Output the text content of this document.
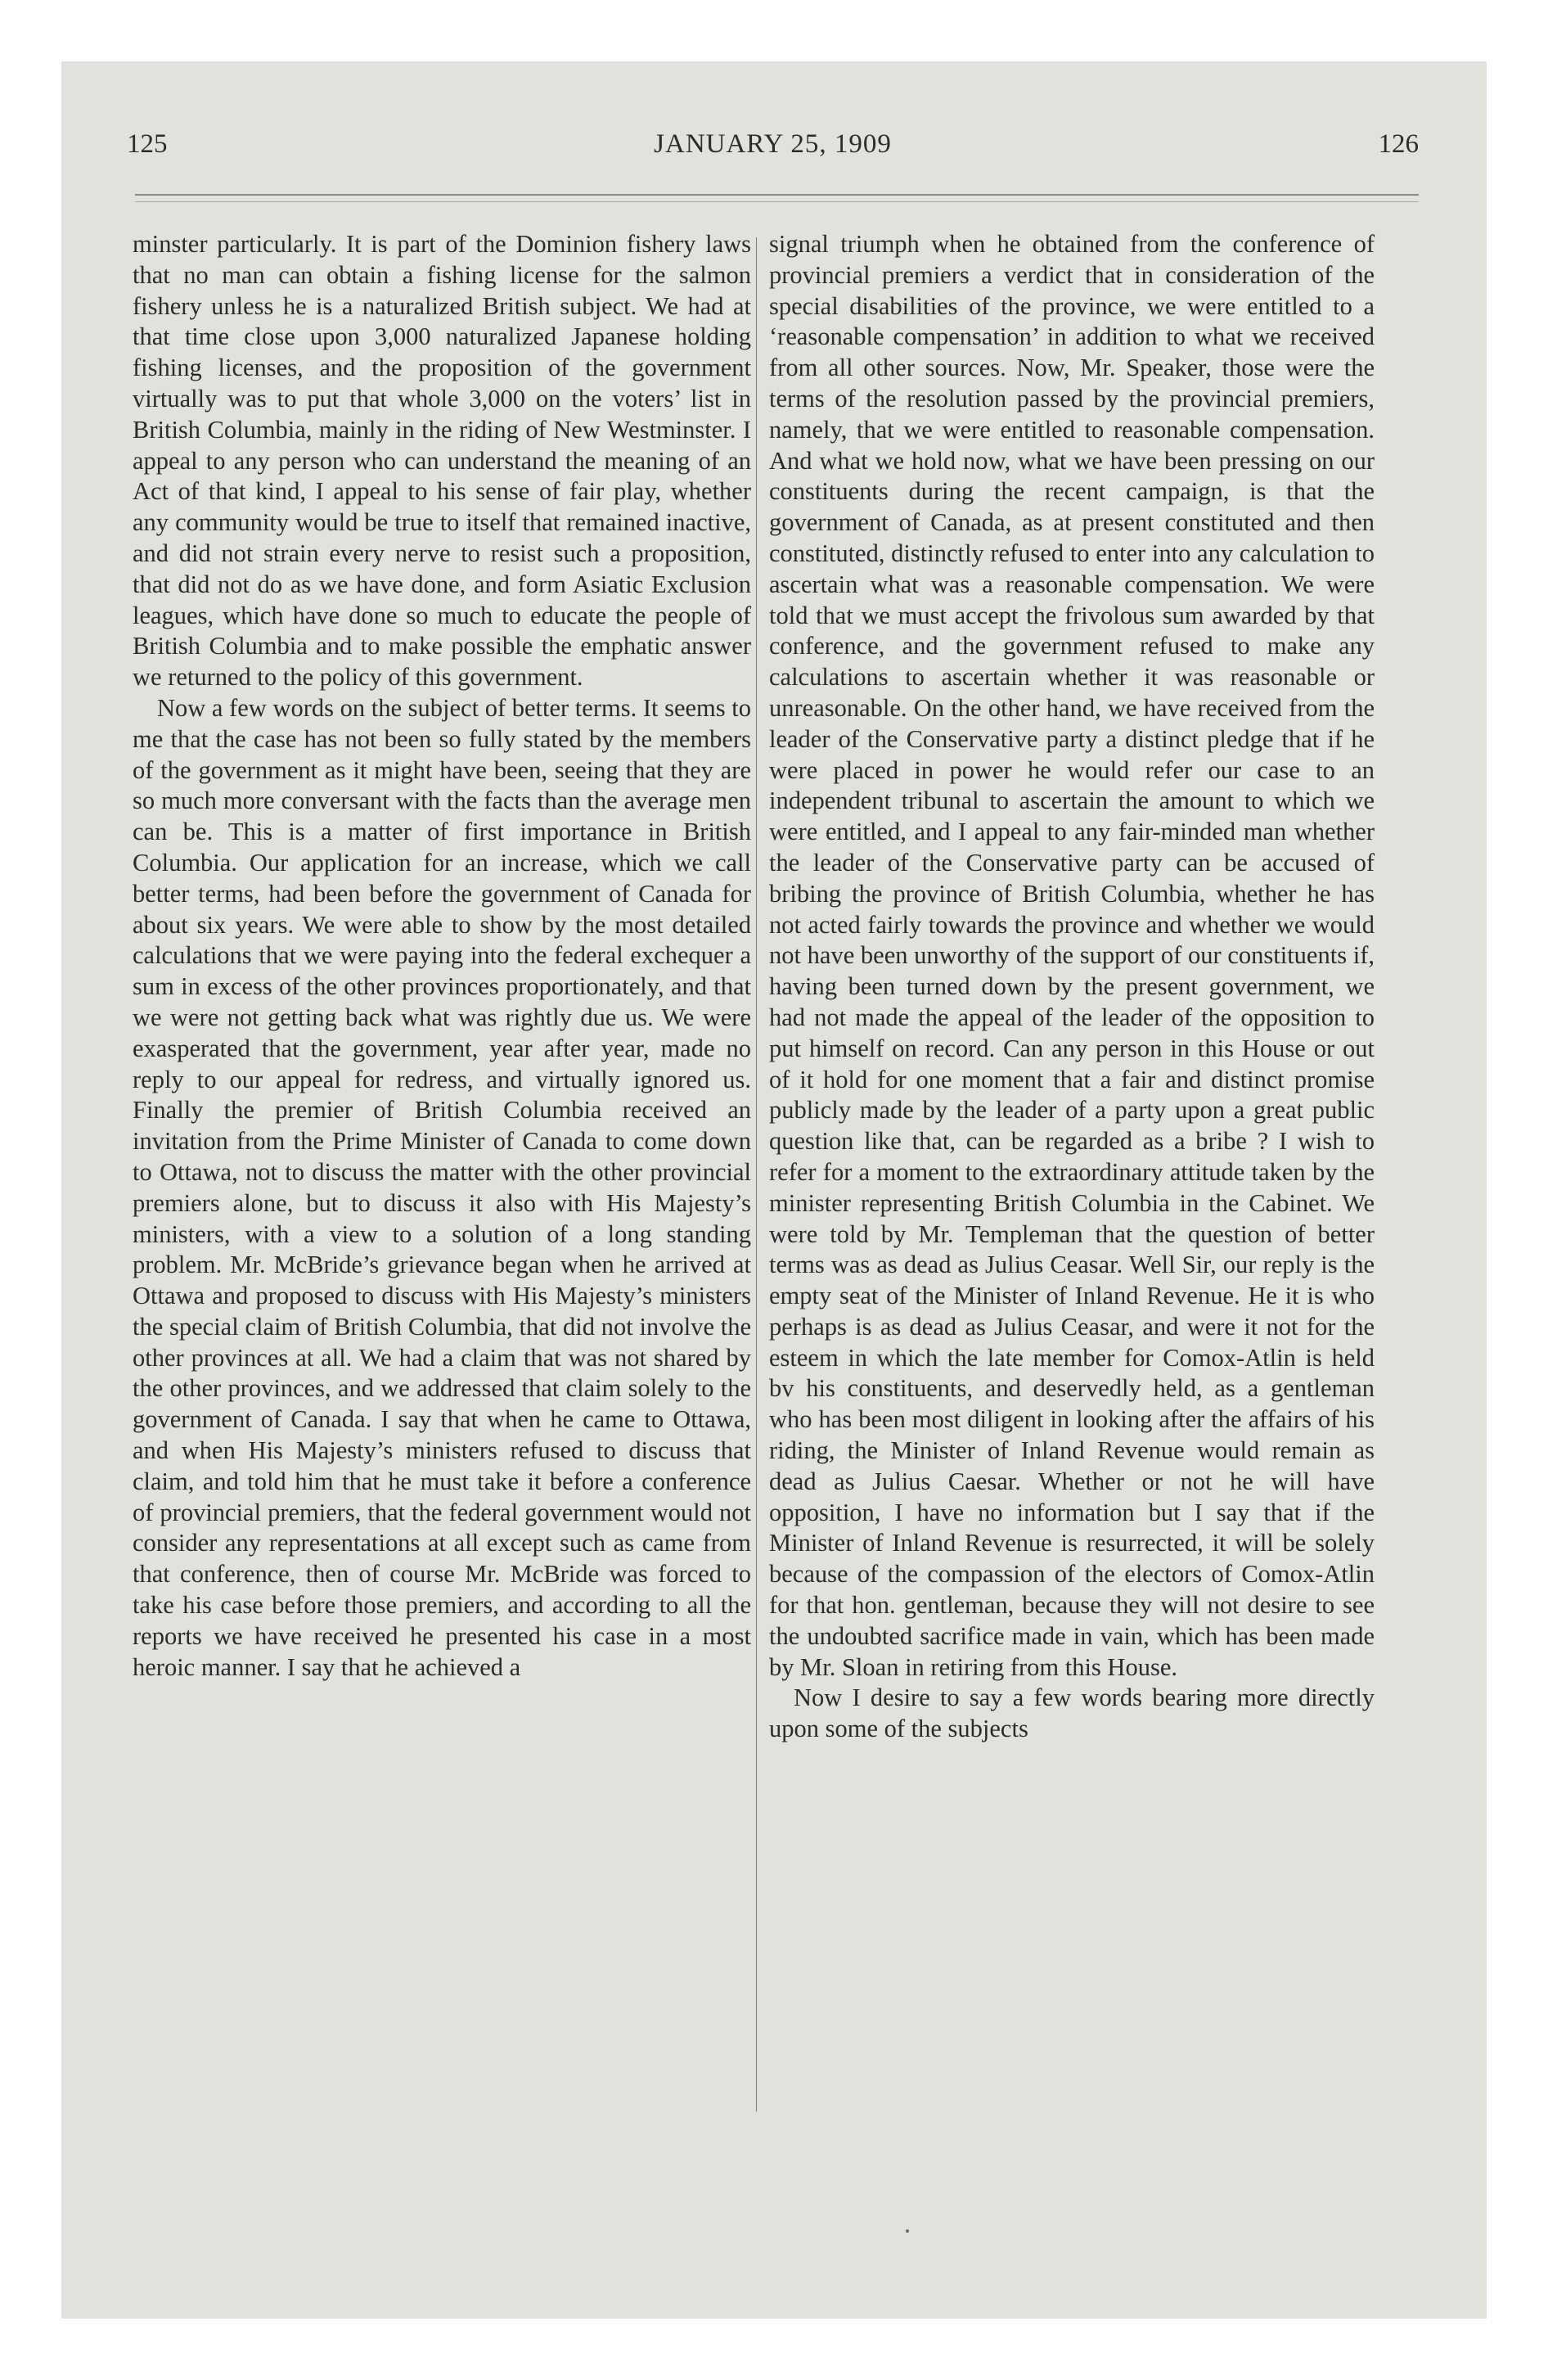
125	JANUARY 25, 1909	126

minster particularly. It is part of the Dominion fishery laws that no man can obtain a fishing license for the salmon fishery unless he is a naturalized British subject. We had at that time close upon 3,000 naturalized Japanese holding fishing licenses, and the proposition of the government virtually was to put that whole 3,000 on the voters’ list in British Columbia, mainly in the riding of New Westminster. I appeal to any person who can understand the meaning of an Act of that kind, I appeal to his sense of fair play, whether any community would be true to itself that remained inactive, and did not strain every nerve to resist such a proposition, that did not do as we have done, and form Asiatic Exclusion leagues, which have done so much to educate the people of British Columbia and to make possible the emphatic answer we returned to the policy of this government.

Now a few words on the subject of better terms. It seems to me that the case has not been so fully stated by the members of the government as it might have been, seeing that they are so much more conversant with the facts than the average men can be. This is a matter of first importance in British Columbia. Our application for an increase, which we call better terms, had been before the government of Canada for about six years. We were able to show by the most detailed calculations that we were paying into the federal exchequer a sum in excess of the other provinces proportionately, and that we were not getting back what was rightly due us. We were exasperated that the government, year after year, made no reply to our appeal for redress, and virtually ignored us. Finally the premier of British Columbia received an invitation from the Prime Minister of Canada to come down to Ottawa, not to discuss the matter with the other provincial premiers alone, but to discuss it also with His Majesty’s ministers, with a view to a solution of a long standing problem. Mr. McBride’s grievance began when he arrived at Ottawa and proposed to discuss with His Majesty’s ministers the special claim of British Columbia, that did not involve the other provinces at all. We had a claim that was not shared by the other provinces, and we addressed that claim solely to the government of Canada. I say that when he came to Ottawa, and when His Majesty’s ministers refused to discuss that claim, and told him that he must take it before a conference of provincial premiers, that the federal government would not consider any representations at all except such as came from that conference, then of course Mr. McBride was forced to take his case before those premiers, and according to all the reports we have received he presented his case in a most heroic manner. I say that he achieved a

signal triumph when he obtained from the conference of provincial premiers a verdict that in consideration of the special disabilities of the province, we were entitled to a ‘reasonable compensation’ in addition to what we received from all other sources. Now, Mr. Speaker, those were the terms of the resolution passed by the provincial premiers, namely, that we were entitled to reasonable compensation. And what we hold now, what we have been pressing on our constituents during the recent campaign, is that the government of Canada, as at present constituted and then constituted, distinctly refused to enter into any calculation to ascertain what was a reasonable compensation. We were told that we must accept the frivolous sum awarded by that conference, and the government refused to make any calculations to ascertain whether it was reasonable or unreasonable. On the other hand, we have received from the leader of the Conservative party a distinct pledge that if he were placed in power he would refer our case to an independent tribunal to ascertain the amount to which we were entitled, and I appeal to any fair-minded man whether the leader of the Conservative party can be accused of bribing the province of British Columbia, whether he has not acted fairly towards the province and whether we would not have been unworthy of the support of our constituents if, having been turned down by the present government, we had not made the appeal of the leader of the opposition to put himself on record. Can any person in this House or out of it hold for one moment that a fair and distinct promise publicly made by the leader of a party upon a great public question like that, can be regarded as a bribe ? I wish to refer for a moment to the extraordinary attitude taken by the minister representing British Columbia in the Cabinet. We were told by Mr. Templeman that the question of better terms was as dead as Julius Ceasar. Well Sir, our reply is the empty seat of the Minister of Inland Revenue. He it is who perhaps is as dead as Julius Ceasar, and were it not for the esteem in which the late member for Comox-Atlin is held bv his constituents, and deservedly held, as a gentleman who has been most diligent in looking after the affairs of his riding, the Minister of Inland Revenue would remain as dead as Julius Caesar. Whether or not he will have opposition, I have no information but I say that if the Minister of Inland Revenue is resurrected, it will be solely because of the compassion of the electors of Comox-Atlin for that hon. gentleman, because they will not desire to see the undoubted sacrifice made in vain, which has been made by Mr. Sloan in retiring from this House.

Now I desire to say a few words bearing more directly upon some of the subjects
